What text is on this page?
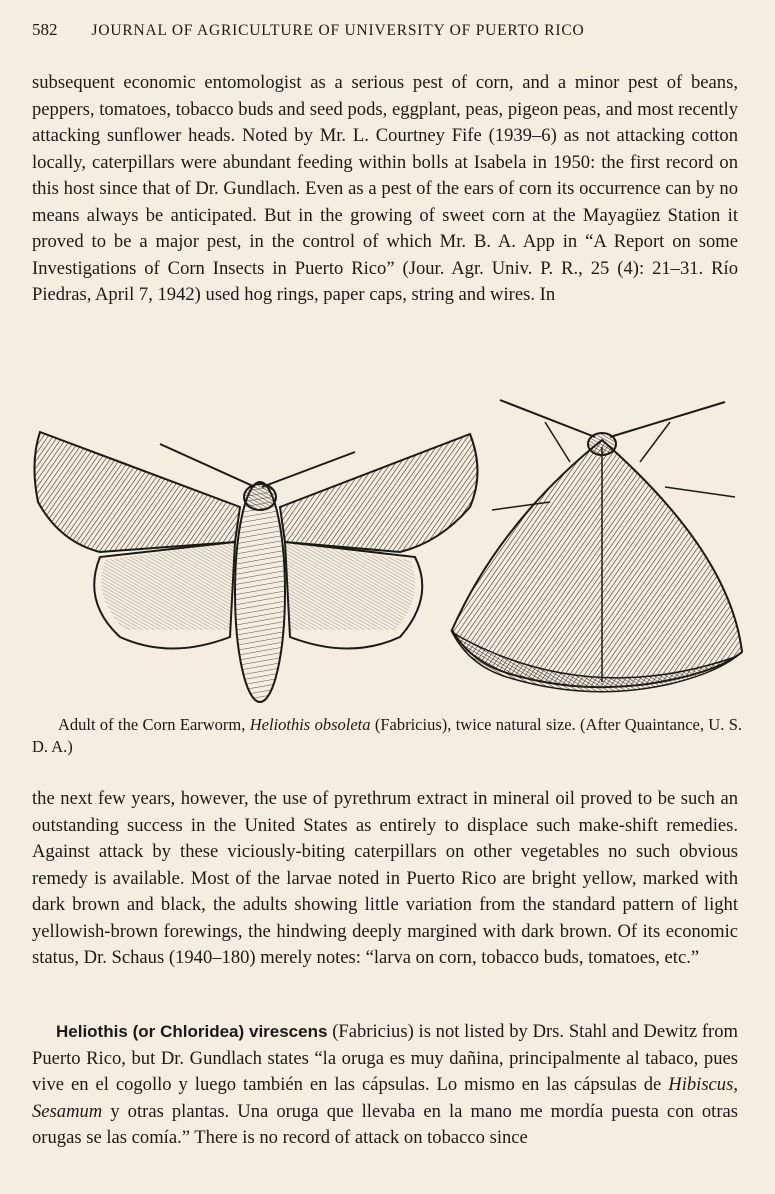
582 JOURNAL OF AGRICULTURE OF UNIVERSITY OF PUERTO RICO

subsequent economic entomologist as a serious pest of corn, and a minor pest of beans, peppers, tomatoes, tobacco buds and seed pods, eggplant, peas, pigeon peas, and most recently attacking sunflower heads. Noted by Mr. L. Courtney Fife (1939–6) as not attacking cotton locally, caterpillars were abundant feeding within bolls at Isabela in 1950: the first record on this host since that of Dr. Gundlach. Even as a pest of the ears of corn its occurrence can by no means always be anticipated. But in the growing of sweet corn at the Mayagüez Station it proved to be a major pest, in the control of which Mr. B. A. App in “A Report on some Investigations of Corn Insects in Puerto Rico” (Jour. Agr. Univ. P. R., 25 (4): 21–31. Río Piedras, April 7, 1942) used hog rings, paper caps, string and wires. In

Adult of the Corn Earworm, Heliothis obsoleta (Fabricius), twice natural size. (After Quaintance, U. S. D. A.)

the next few years, however, the use of pyrethrum extract in mineral oil proved to be such an outstanding success in the United States as entirely to displace such make-shift remedies. Against attack by these viciously-biting caterpillars on other vegetables no such obvious remedy is available. Most of the larvae noted in Puerto Rico are bright yellow, marked with dark brown and black, the adults showing little variation from the standard pattern of light yellowish-brown forewings, the hindwing deeply margined with dark brown. Of its economic status, Dr. Schaus (1940–180) merely notes: “larva on corn, tobacco buds, tomatoes, etc.”

Heliothis (or Chloridea) virescens (Fabricius) is not listed by Drs. Stahl and Dewitz from Puerto Rico, but Dr. Gundlach states “la oruga es muy dañina, principalmente al tabaco, pues vive en el cogollo y luego también en las cápsulas. Lo mismo en las cápsulas de Hibiscus, Sesamum y otras plantas. Una oruga que llevaba en la mano me mordía puesta con otras orugas se las comía.” There is no record of attack on tobacco since
